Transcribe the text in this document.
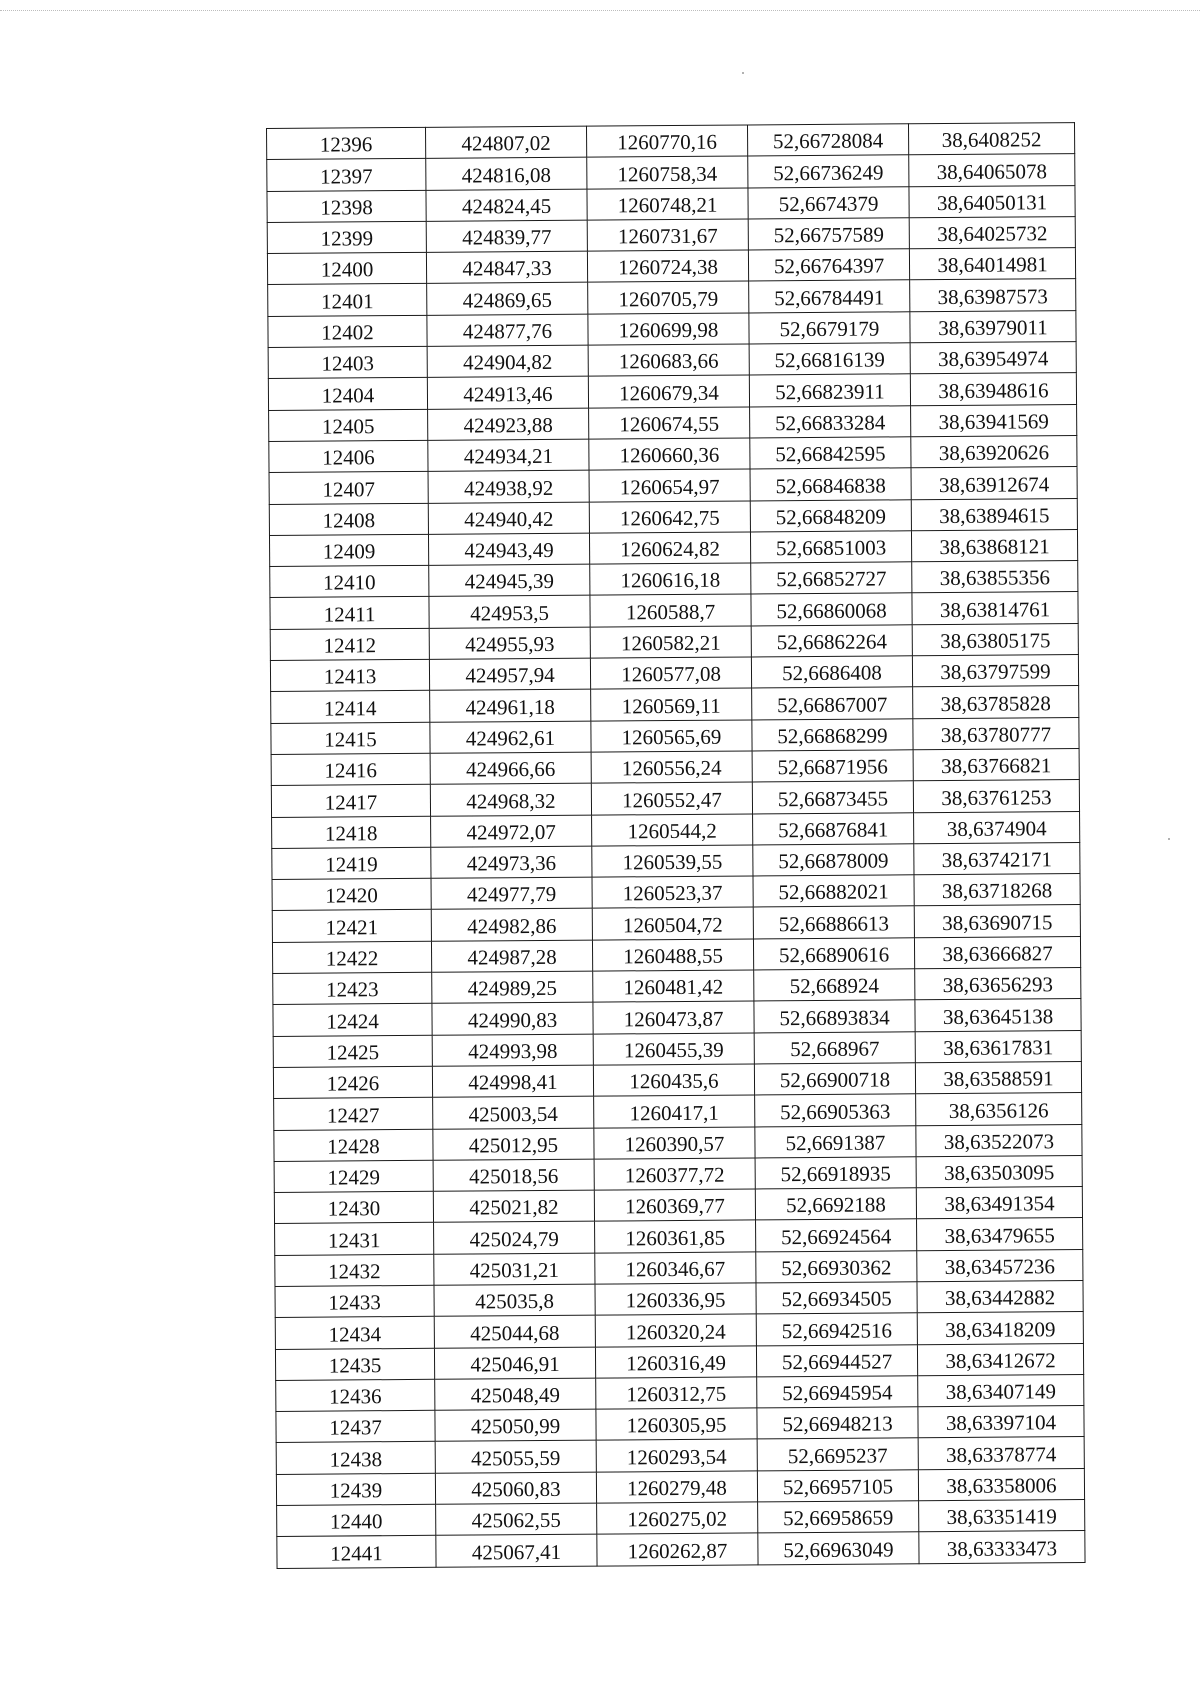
12396	424807,02	1260770,16	52,66728084	38,6408252
12397	424816,08	1260758,34	52,66736249	38,64065078
12398	424824,45	1260748,21	52,6674379	38,64050131
12399	424839,77	1260731,67	52,66757589	38,64025732
12400	424847,33	1260724,38	52,66764397	38,64014981
12401	424869,65	1260705,79	52,66784491	38,63987573
12402	424877,76	1260699,98	52,6679179	38,63979011
12403	424904,82	1260683,66	52,66816139	38,63954974
12404	424913,46	1260679,34	52,66823911	38,63948616
12405	424923,88	1260674,55	52,66833284	38,63941569
12406	424934,21	1260660,36	52,66842595	38,63920626
12407	424938,92	1260654,97	52,66846838	38,63912674
12408	424940,42	1260642,75	52,66848209	38,63894615
12409	424943,49	1260624,82	52,66851003	38,63868121
12410	424945,39	1260616,18	52,66852727	38,63855356
12411	424953,5	1260588,7	52,66860068	38,63814761
12412	424955,93	1260582,21	52,66862264	38,63805175
12413	424957,94	1260577,08	52,6686408	38,63797599
12414	424961,18	1260569,11	52,66867007	38,63785828
12415	424962,61	1260565,69	52,66868299	38,63780777
12416	424966,66	1260556,24	52,66871956	38,63766821
12417	424968,32	1260552,47	52,66873455	38,63761253
12418	424972,07	1260544,2	52,66876841	38,6374904
12419	424973,36	1260539,55	52,66878009	38,63742171
12420	424977,79	1260523,37	52,66882021	38,63718268
12421	424982,86	1260504,72	52,66886613	38,63690715
12422	424987,28	1260488,55	52,66890616	38,63666827
12423	424989,25	1260481,42	52,668924	38,63656293
12424	424990,83	1260473,87	52,66893834	38,63645138
12425	424993,98	1260455,39	52,668967	38,63617831
12426	424998,41	1260435,6	52,66900718	38,63588591
12427	425003,54	1260417,1	52,66905363	38,6356126
12428	425012,95	1260390,57	52,6691387	38,63522073
12429	425018,56	1260377,72	52,66918935	38,63503095
12430	425021,82	1260369,77	52,6692188	38,63491354
12431	425024,79	1260361,85	52,66924564	38,63479655
12432	425031,21	1260346,67	52,66930362	38,63457236
12433	425035,8	1260336,95	52,66934505	38,63442882
12434	425044,68	1260320,24	52,66942516	38,63418209
12435	425046,91	1260316,49	52,66944527	38,63412672
12436	425048,49	1260312,75	52,66945954	38,63407149
12437	425050,99	1260305,95	52,66948213	38,63397104
12438	425055,59	1260293,54	52,6695237	38,63378774
12439	425060,83	1260279,48	52,66957105	38,63358006
12440	425062,55	1260275,02	52,66958659	38,63351419
12441	425067,41	1260262,87	52,66963049	38,63333473
